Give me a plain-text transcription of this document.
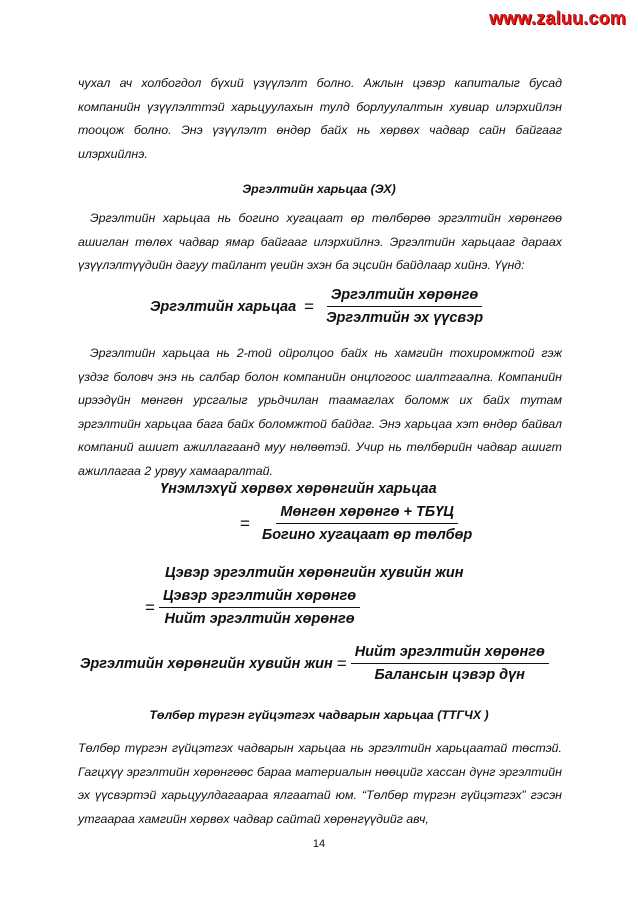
www.zaluu.com

чухал ач холбогдол бүхий үзүүлэлт болно. Ажлын цэвэр капиталыг бусад компанийн үзүүлэлттэй харьцуулахын тулд борлуулалтын хувиар илэрхийлэн тооцож болно. Энэ үзүүлэлт өндөр байх нь хөрвөх чадвар сайн байгааг илэрхийлнэ.

Эргэлтийн харьцаа (ЭХ)

Эргэлтийн харьцаа нь богино хугацаат өр төлбөрөө эргэлтийн хөрөнгөө ашиглан төлөх чадвар ямар байгааг илэрхийлнэ. Эргэлтийн харьцааг дараах үзүүлэлтүүдийн дагуу тайлант үеийн эхэн ба эцсийн байдлаар хийнэ. Үүнд:

Эргэлтийн харьцаа = $\frac{\text{Эргэлтийн хөрөнгө}}{\text{Эргэлтийн эх үүсвэр}}$

Эргэлтийн харьцаа нь 2-той ойролцоо байх нь хамгийн тохиромжтой гэж үздэг боловч энэ нь салбар болон компанийн онцлогоос шалтгаална. Компанийн ирээдүйн мөнгөн урсгалыг урьдчилан таамаглах боломж их байх тутам эргэлтийн харьцаа бага байх боломжтой байдаг. Энэ харьцаа хэт өндөр байвал компаний ашигт ажиллагаанд муу нөлөөтэй. Учир нь төлбөрийн чадвар ашигт ажиллагаа 2 урвуу хамааралтай.

Үнэмлэхүй хөрвөх хөрөнгийн харьцаа
= $\frac{\text{Мөнгөн хөрөнгө + ТБҮЦ}}{\text{Богино хугацаат өр төлбөр}}$
Цэвэр эргэлтийн хөрөнгийн хувийн жин
= $\frac{\text{Цэвэр эргэлтийн хөрөнгө}}{\text{Нийт эргэлтийн хөрөнгө}}$
Эргэлтийн хөрөнгийн хувийн жин = $\frac{\text{Нийт эргэлтийн хөрөнгө}}{\text{Балансын цэвэр дүн}}$
Төлбөр түргэн гүйцэтгэх чадварын харьцаа (ТТГЧХ )

Төлбөр түргэн гүйцэтгэх чадварын харьцаа нь эргэлтийн харьцаатай төстэй. Гагцхүү эргэлтийн хөрөнгөөс бараа материалын нөөцийг хассан дүнг эргэлтийн эх үүсвэртэй харьцуулдагаараа ялгаатай юм. “Төлбөр түргэн гүйцэтгэх” гэсэн утгаараа хамгийн хөрвөх чадвар сайтай хөрөнгүүдийг авч,

14
